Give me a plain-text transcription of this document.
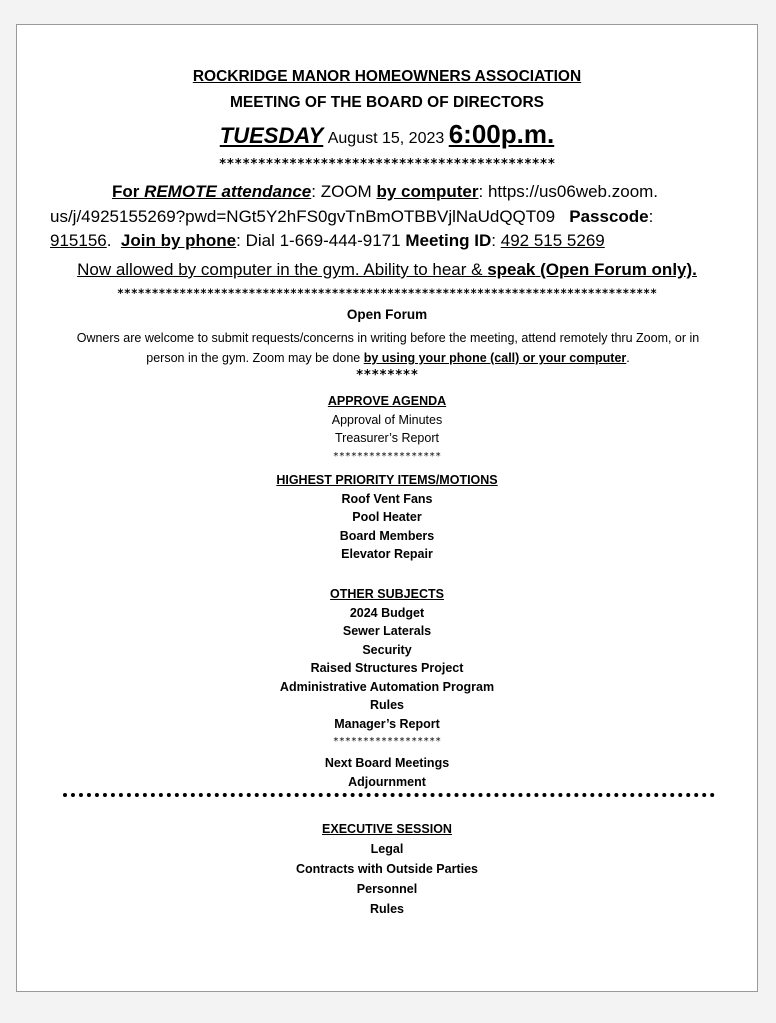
ROCKRIDGE MANOR HOMEOWNERS ASSOCIATION
MEETING OF THE BOARD OF DIRECTORS
TUESDAY August 15, 2023 6:00p.m.
*******************************************
For REMOTE attendance: ZOOM by computer: https://us06web.zoom.
us/j/4925155269?pwd=NGt5Y2hFS0gvTnBmOTBBVjlNaUdQQT09 Passcode:
915156.  Join by phone: Dial 1-669-444-9171 Meeting ID: 492 515 5269
Now allowed by computer in the gym. Ability to hear & speak (Open Forum only).
******************************************************************************
Open Forum
Owners are welcome to submit requests/concerns in writing before the meeting, attend remotely thru Zoom, or in person in the gym. Zoom may be done by using your phone (call) or your computer.
********
APPROVE AGENDA
Approval of Minutes
Treasurer’s Report
******************
HIGHEST PRIORITY ITEMS/MOTIONS
Roof Vent Fans
Pool Heater
Board Members
Elevator Repair
OTHER SUBJECTS
2024 Budget
Sewer Laterals
Security
Raised Structures Project
Administrative Automation Program
Rules
Manager’s Report
******************
Next Board Meetings
Adjournment
EXECUTIVE SESSION
Legal
Contracts with Outside Parties
Personnel
Rules
